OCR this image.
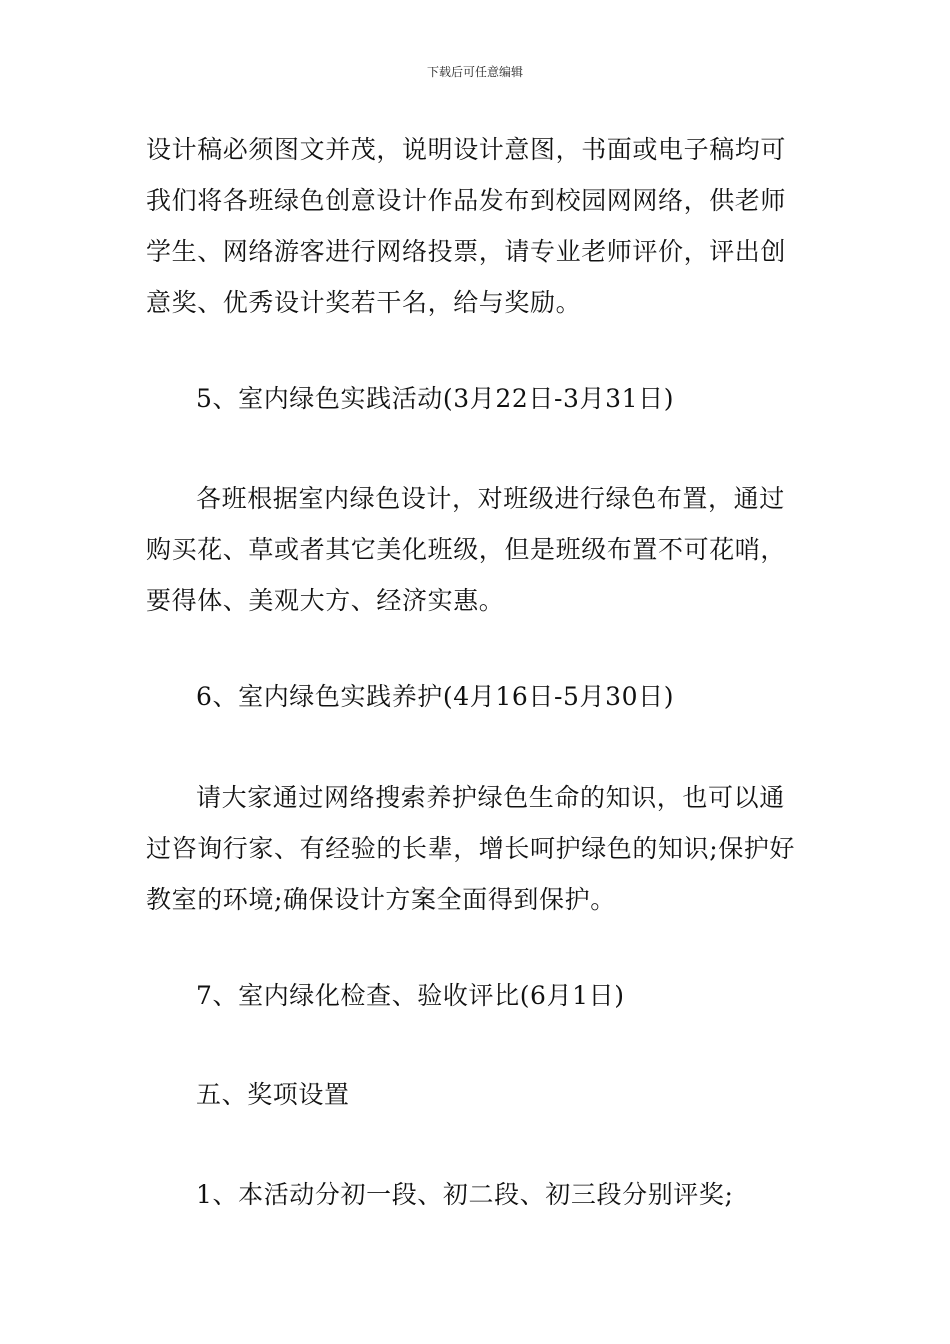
下载后可任意编辑
设计稿必须图文并茂，说明设计意图，书面或电子稿均可
我们将各班绿色创意设计作品发布到校园网网络，供老师
学生、网络游客进行网络投票，请专业老师评价，评出创
意奖、优秀设计奖若干名，给与奖励。
5、室内绿色实践活动(3月22日-3月31日)
各班根据室内绿色设计，对班级进行绿色布置，通过
购买花、草或者其它美化班级，但是班级布置不可花哨，
要得体、美观大方、经济实惠。
6、室内绿色实践养护(4月16日-5月30日)
请大家通过网络搜索养护绿色生命的知识，也可以通
过咨询行家、有经验的长辈，增长呵护绿色的知识;保护好
教室的环境;确保设计方案全面得到保护。
7、室内绿化检查、验收评比(6月1日)
五、奖项设置
1、本活动分初一段、初二段、初三段分别评奖;
